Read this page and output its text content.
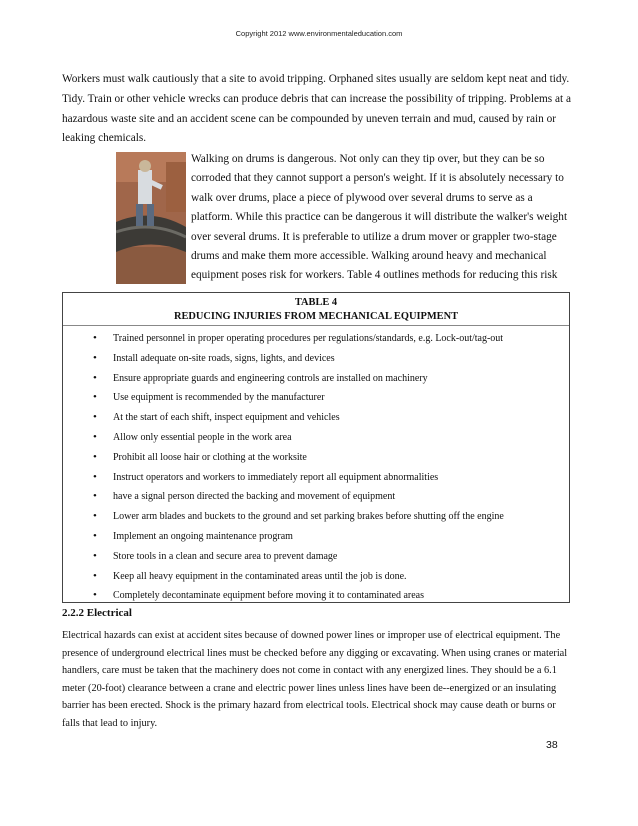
Copyright 2012 www.environmentaleducation.com

Workers must walk cautiously that a site to avoid tripping. Orphaned sites usually are seldom kept neat and tidy. Tidy. Train or other vehicle wrecks can produce debris that can increase the possibility of tripping. Problems at a hazardous waste site and an accident scene can be compounded by uneven terrain and mud, caused by rain or leaking chemicals.

Walking on drums is dangerous. Not only can they tip over, but they can be so corroded that they cannot support a person's weight. If it is absolutely necessary to walk over drums, place a piece of plywood over several drums to serve as a platform. While this practice can be dangerous it will distribute the walker's weight over several drums. It is preferable to utilize a drum mover or grappler two-stage drums and make them more accessible. Walking around heavy and mechanical equipment poses risk for workers. Table 4 outlines methods for reducing this risk

TABLE 4
REDUCING INJURIES FROM MECHANICAL EQUIPMENT
• Trained personnel in proper operating procedures per regulations/standards, e.g. Lock-out/tag-out
• Install adequate on-site roads, signs, lights, and devices
• Ensure appropriate guards and engineering controls are installed on machinery
• Use equipment is recommended by the manufacturer
• At the start of each shift, inspect equipment and vehicles
• Allow only essential people in the work area
• Prohibit all loose hair or clothing at the worksite
• Instruct operators and workers to immediately report all equipment abnormalities
• have a signal person directed the backing and movement of equipment
• Lower arm blades and buckets to the ground and set parking brakes before shutting off the engine
• Implement an ongoing maintenance program
• Store tools in a clean and secure area to prevent damage
• Keep all heavy equipment in the contaminated areas until the job is done.
• Completely decontaminate equipment before moving it to contaminated areas
2.2.2 Electrical

Electrical hazards can exist at accident sites because of downed power lines or improper use of electrical equipment. The presence of underground electrical lines must be checked before any digging or excavating. When using cranes or material handlers, care must be taken that the machinery does not come in contact with any energized lines. They should be a 6.1 meter (20-foot) clearance between a crane and electric power lines unless lines have been de--energized or an insulating barrier has been erected. Shock is the primary hazard from electrical tools. Electrical shock may cause death or burns or falls that lead to injury.

38
